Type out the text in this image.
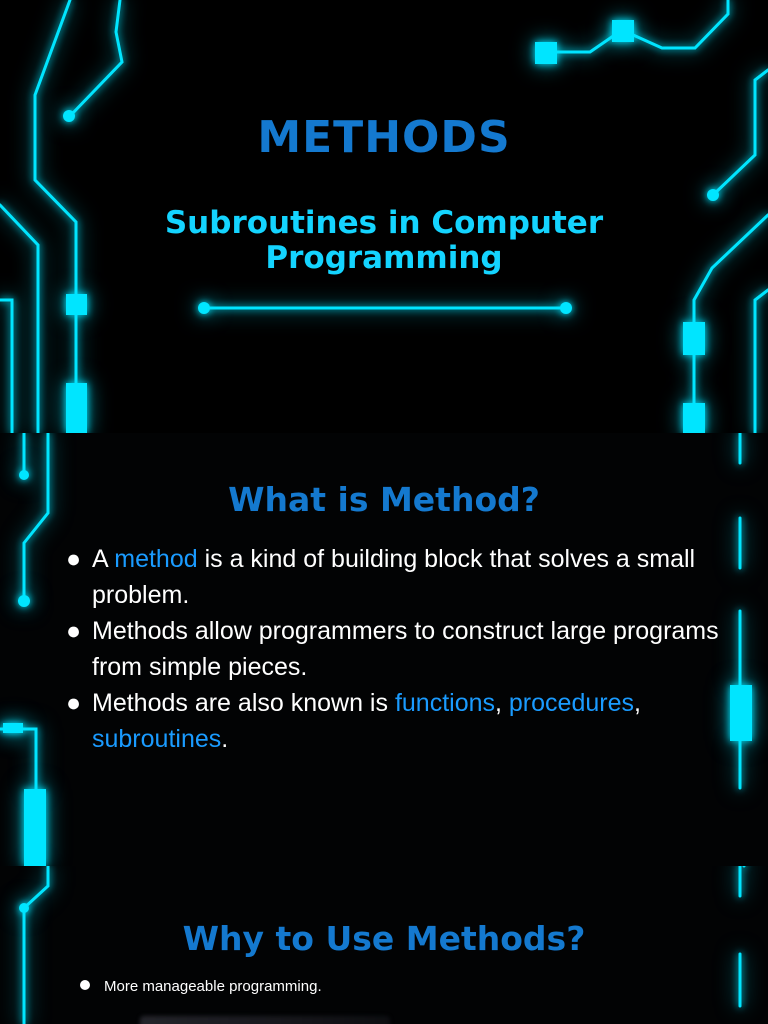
METHODS
Subroutines in Computer Programming
What is Method?
● A method is a kind of building block that solves a small problem.
● Methods allow programmers to construct large programs from simple pieces.
● Methods are also known is functions, procedures, subroutines.
Why to Use Methods?
More manageable programming.
